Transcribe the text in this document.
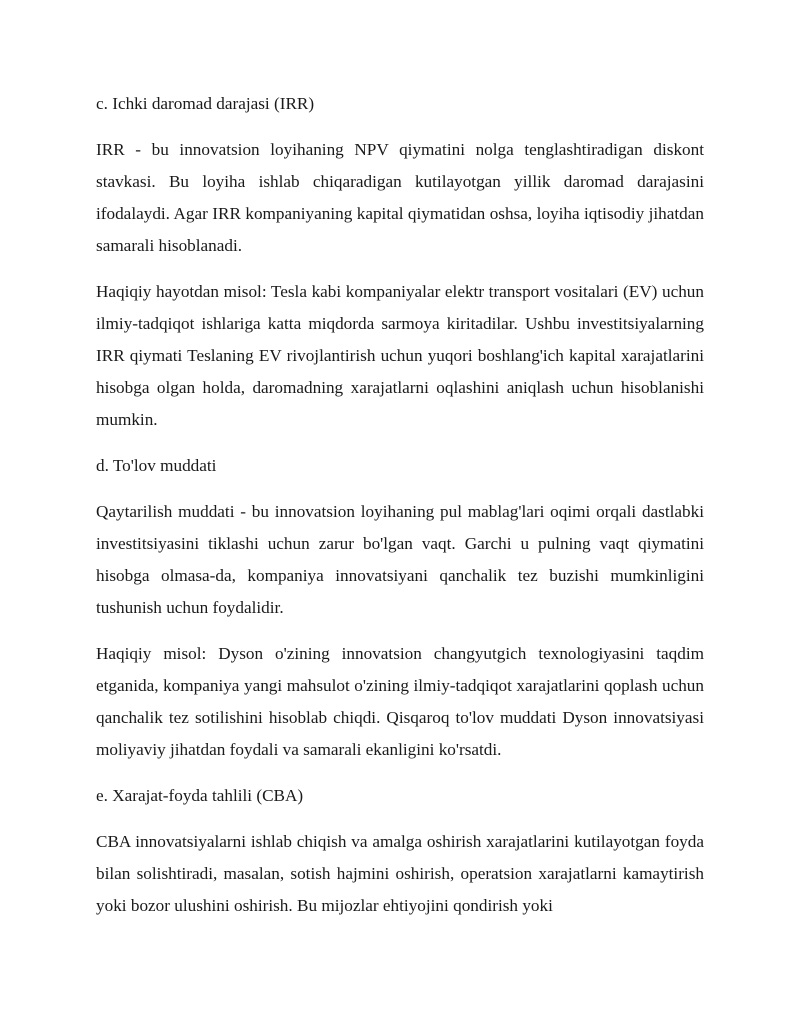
c. Ichki daromad darajasi (IRR)

IRR - bu innovatsion loyihaning NPV qiymatini nolga tenglashtiradigan diskont stavkasi. Bu loyiha ishlab chiqaradigan kutilayotgan yillik daromad darajasini ifodalaydi. Agar IRR kompaniyaning kapital qiymatidan oshsa, loyiha iqtisodiy jihatdan samarali hisoblanadi.

Haqiqiy hayotdan misol: Tesla kabi kompaniyalar elektr transport vositalari (EV) uchun ilmiy-tadqiqot ishlariga katta miqdorda sarmoya kiritadilar. Ushbu investitsiyalarning IRR qiymati Teslaning EV rivojlantirish uchun yuqori boshlang'ich kapital xarajatlarini hisobga olgan holda, daromadning xarajatlarni oqlashini aniqlash uchun hisoblanishi mumkin.

d. To'lov muddati

Qaytarilish muddati - bu innovatsion loyihaning pul mablag'lari oqimi orqali dastlabki investitsiyasini tiklashi uchun zarur bo'lgan vaqt. Garchi u pulning vaqt qiymatini hisobga olmasa-da, kompaniya innovatsiyani qanchalik tez buzishi mumkinligini tushunish uchun foydalidir.

Haqiqiy misol: Dyson o'zining innovatsion changyutgich texnologiyasini taqdim etganida, kompaniya yangi mahsulot o'zining ilmiy-tadqiqot xarajatlarini qoplash uchun qanchalik tez sotilishini hisoblab chiqdi. Qisqaroq to'lov muddati Dyson innovatsiyasi moliyaviy jihatdan foydali va samarali ekanligini ko'rsatdi.

e. Xarajat-foyda tahlili (CBA)

CBA innovatsiyalarni ishlab chiqish va amalga oshirish xarajatlarini kutilayotgan foyda bilan solishtiradi, masalan, sotish hajmini oshirish, operatsion xarajatlarni kamaytirish yoki bozor ulushini oshirish. Bu mijozlar ehtiyojini qondirish yoki
